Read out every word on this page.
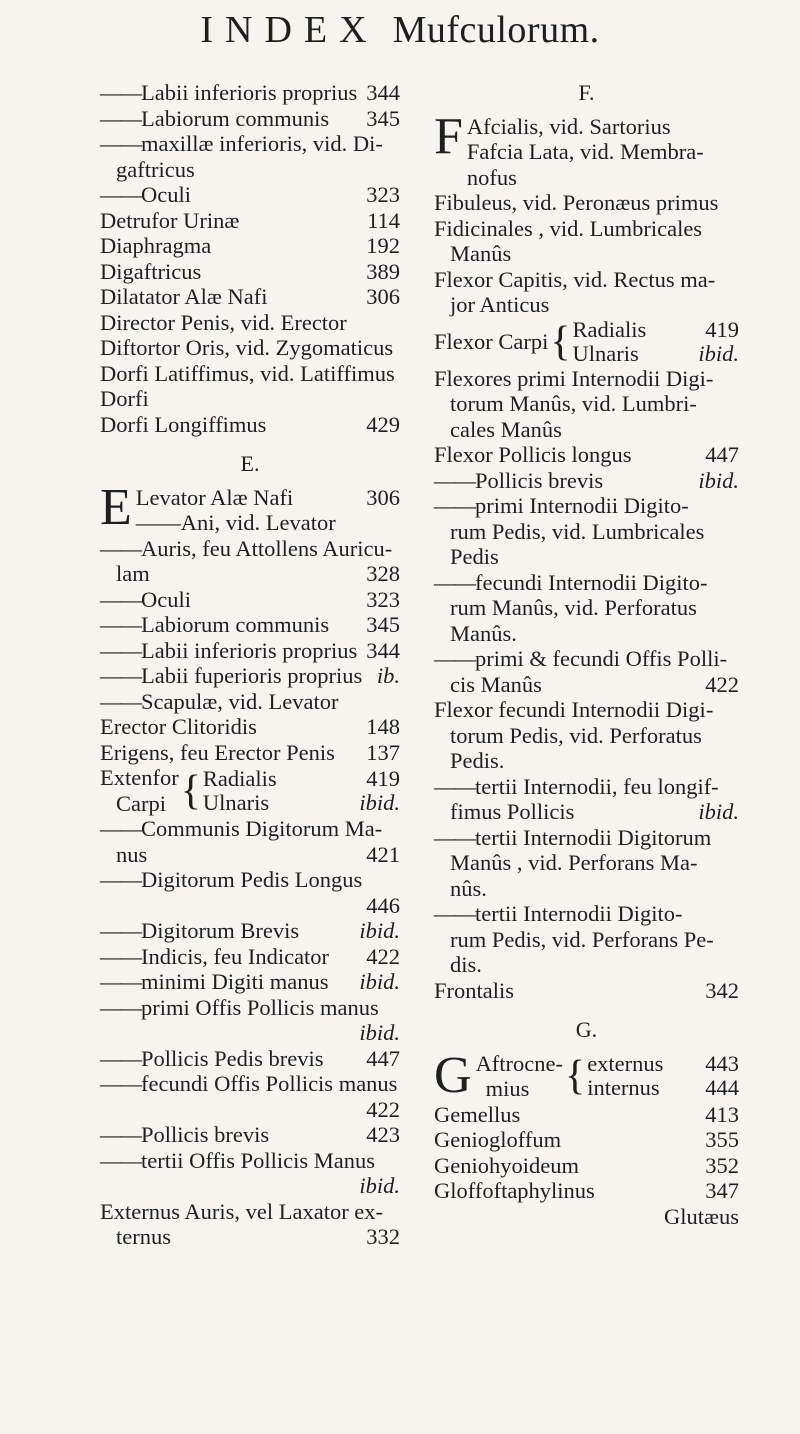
INDEX Mufculorum.
—— Labii inferioris proprius 344
—— Labiorum communis	345
—— maxillæ inferioris, vid. Di-
gaftricus
—— Oculi	323
Detrufor Urinæ	114
Diaphragma	192
Digaftricus	389
Dilatator Alæ Nafi	306
Director Penis, vid. Erector
Diftortor Oris, vid. Zygomaticus
Dorfi Latiffimus, vid. Latiffimus
Dorfi
Dorfi Longiffimus	429
E.
E Levator Alæ Nafi	306
——Ani, vid. Levator
—— Auris, feu Attollens Auricu-
lam	328
—— Oculi	323
—— Labiorum communis	345
—— Labii inferioris proprius 344
—— Labii fuperioris proprius ib.
—— Scapulæ, vid. Levator
Erector Clitoridis	148
Erigens, feu Erector Penis	137
Extenfor
Carpi { Radialis	419
Ulnaris	ibid.
—— Communis Digitorum Ma-
nus	421
—— Digitorum Pedis Longus
446
—— Digitorum Brevis	ibid.
—— Indicis, feu Indicator	422
—— minimi Digiti manus	ibid.
—— primi Offis Pollicis manus
ibid.
—— Pollicis Pedis brevis	447
—— fecundi Offis Pollicis manus
422
—— Pollicis brevis	423
—— tertii Offis Pollicis Manus
ibid.
Externus Auris, vel Laxator ex-
ternus	332
F.
F Afcialis, vid. Sartorius
Fafcia Lata, vid. Membra-
nofus
Fibuleus, vid. Peronæus primus
Fidicinales , vid. Lumbricales
Manûs
Flexor Capitis, vid. Rectus ma-
jor Anticus
Flexor Carpi { Radialis	419
Ulnaris	ibid.
Flexores primi Internodii Digi-
torum Manûs, vid. Lumbri-
cales Manûs
Flexor Pollicis longus	447
—— Pollicis brevis	ibid.
—— primi Internodii Digito-
rum Pedis, vid. Lumbricales
Pedis
—— fecundi Internodii Digito-
rum Manûs, vid. Perforatus
Manûs.
—— primi & fecundi Offis Polli-
cis Manûs	422
Flexor fecundi Internodii Digi-
torum Pedis, vid. Perforatus
Pedis.
—— tertii Internodii, feu longif-
fimus Pollicis	ibid.
—— tertii Internodii Digitorum
Manûs , vid. Perforans Ma-
nûs.
—— tertii Internodii Digito-
rum Pedis, vid. Perforans Pe-
dis.
Frontalis	342
G.
G Aftrocne-
mius { externus	443
internus	444
Gemellus	413
Geniogloffum	355
Geniohyoideum	352
Gloffoftaphylinus	347
Glutæus
